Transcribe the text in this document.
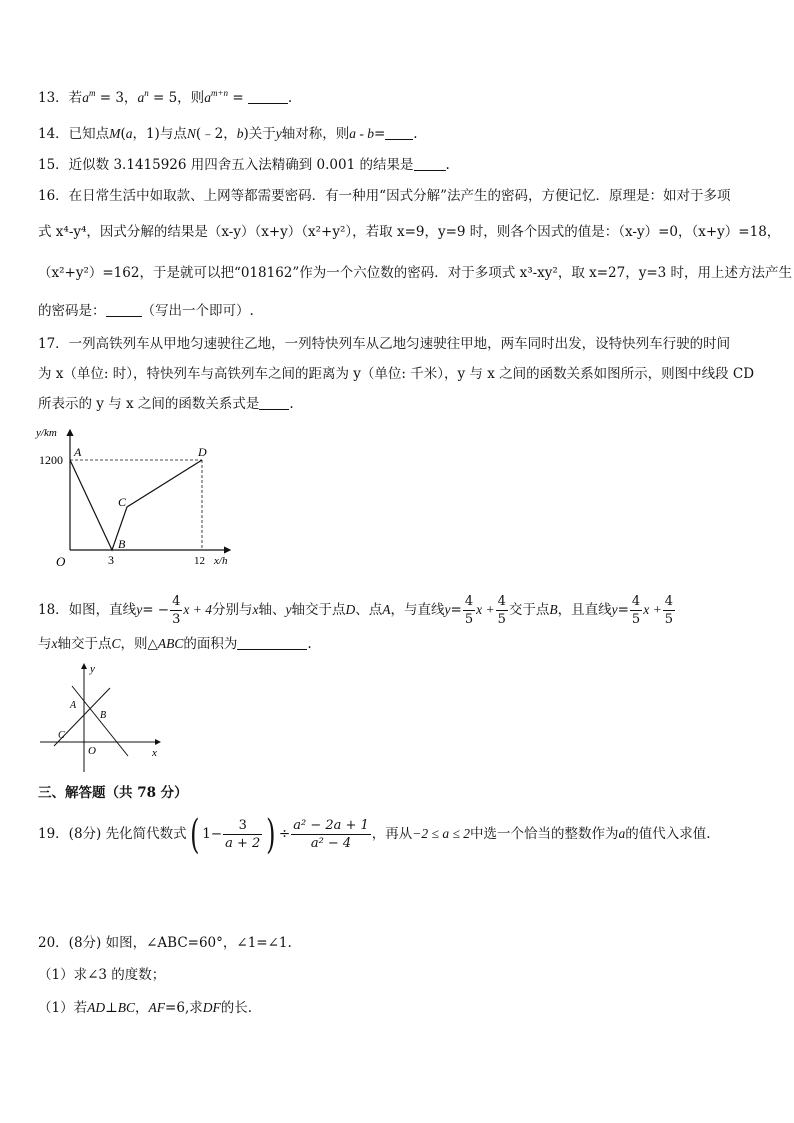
13．若$a^m = 3$，$a^n = 5$，则$a^{m+n}$ =	.
14．已知点M(a，1)与点N(﹣2，b)关于y轴对称，则a - b= .
15．近似数 3.1415926 用四舍五入法精确到 0.001 的结果是 .
16．在日常生活中如取款、上网等都需要密码．有一种用“因式分解”法产生的密码，方便记忆．原理是：如对于多项
式 x⁴-y⁴，因式分解的结果是（x-y）（x+y）（x²+y²），若取 x=9，y=9 时，则各个因式的值是：（x-y）=0，（x+y）=18，
（x²+y²）=162，于是就可以把“018162”作为一个六位数的密码．对于多项式 x³-xy²，取 x=27，y=3 时，用上述方法产生
的密码是：	（写出一个即可）.
17．一列高铁列车从甲地匀速驶往乙地，一列特快列车从乙地匀速驶往甲地，两车同时出发，设特快列车行驶的时间
为 x（单位: 时），特快列车与高铁列车之间的距离为 y（单位: 千米），y 与 x 之间的函数关系如图所示，则图中线段 CD
所表示的 y 与 x 之间的函数关系式是 .
y/km
1200
A	D
C
B
O	3	12 x/h
18．如图，直线$y= - \frac{4}{3}$ x + 4分别与x轴、y轴交于点D、点A，与直线$y= \frac{4}{5}$ $x + \frac{4}{5}$ 交于点B，且直线$y= \frac{4}{5}$ $x + \frac{4}{5}$
与x轴交于点C，则△ABC的面积为	.
y
x
O
A
B
C
三、解答题（共 78 分）
19．(8分) 先化简代数式( $1- \frac{3}{a + 2}$ ) ÷ $\frac{\text{a² − 2a + 1}}{\text{a² − 4}}$ ，再从−2 ≤ a ≤ 2中选一个恰当的整数作为a的值代入求值.
20．(8分) 如图，∠ABC=60°，∠1=∠1.
（1）求∠3 的度数；
（1）若AD⊥BC，AF=6,求DF的长.
